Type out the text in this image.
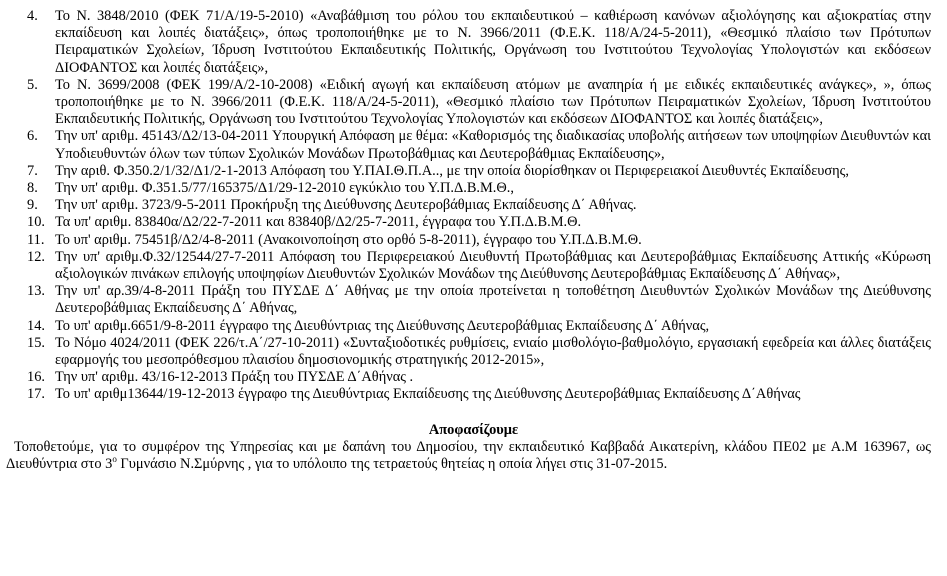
4.	Το Ν. 3848/2010 (ΦΕΚ 71/Α/19-5-2010) «Αναβάθμιση του ρόλου του εκπαιδευτικού – καθιέρωση κανόνων αξιολόγησης και αξιοκρατίας στην εκπαίδευση και λοιπές διατάξεις», όπως τροποποιήθηκε με το Ν. 3966/2011 (Φ.Ε.Κ. 118/Α/24-5-2011), «Θεσμικό πλαίσιο των Πρότυπων Πειραματικών Σχολείων, Ίδρυση Ινστιτούτου Εκπαιδευτικής Πολιτικής, Οργάνωση του Ινστιτούτου Τεχνολογίας Υπολογιστών και εκδόσεων ΔΙΟΦΑΝΤΟΣ και λοιπές διατάξεις»,
5.	Το Ν. 3699/2008 (ΦΕΚ 199/Α/2-10-2008) «Ειδική αγωγή και εκπαίδευση ατόμων με αναπηρία ή με ειδικές εκπαιδευτικές ανάγκες», », όπως τροποποιήθηκε με το Ν. 3966/2011 (Φ.Ε.Κ. 118/Α/24-5-2011), «Θεσμικό πλαίσιο των Πρότυπων Πειραματικών Σχολείων, Ίδρυση Ινστιτούτου Εκπαιδευτικής Πολιτικής, Οργάνωση του Ινστιτούτου Τεχνολογίας Υπολογιστών και εκδόσεων ΔΙΟΦΑΝΤΟΣ και λοιπές διατάξεις»,
6.	Την υπ' αριθμ. 45143/Δ2/13-04-2011 Υπουργική Απόφαση με θέμα: «Καθορισμός της διαδικασίας υποβολής αιτήσεων των υποψηφίων Διευθυντών και Υποδιευθυντών όλων των τύπων Σχολικών Μονάδων Πρωτοβάθμιας και Δευτεροβάθμιας Εκπαίδευσης»,
7.	Την αριθ. Φ.350.2/1/32/Δ1/2-1-2013 Απόφαση του Υ.ΠΑΙ.Θ.Π.Α.., με την οποία διορίσθηκαν οι Περιφερειακοί Διευθυντές Εκπαίδευσης,
8.	Την υπ' αριθμ. Φ.351.5/77/165375/Δ1/29-12-2010 εγκύκλιο του Υ.Π.Δ.Β.Μ.Θ.,
9.	Την υπ' αριθμ. 3723/9-5-2011 Προκήρυξη της Διεύθυνσης Δευτεροβάθμιας Εκπαίδευσης Δ΄ Αθήνας.
10. Τα υπ' αριθμ. 83840α/Δ2/22-7-2011 και 83840β/Δ2/25-7-2011, έγγραφα του Υ.Π.Δ.Β.Μ.Θ.
11. Το υπ' αριθμ. 75451β/Δ2/4-8-2011 (Ανακοινοποίηση στο ορθό 5-8-2011), έγγραφο του Υ.Π.Δ.Β.Μ.Θ.
12. Την υπ' αριθμ.Φ.32/12544/27-7-2011 Απόφαση του Περιφερειακού Διευθυντή Πρωτοβάθμιας και Δευτεροβάθμιας Εκπαίδευσης Αττικής «Κύρωση αξιολογικών πινάκων επιλογής υποψηφίων Διευθυντών Σχολικών Μονάδων της Διεύθυνσης Δευτεροβάθμιας Εκπαίδευσης Δ΄ Αθήνας»,
13. Την υπ' αρ.39/4-8-2011 Πράξη του ΠΥΣΔΕ Δ΄ Αθήνας με την οποία προτείνεται η τοποθέτηση Διευθυντών Σχολικών Μονάδων της Διεύθυνσης Δευτεροβάθμιας Εκπαίδευσης Δ΄ Αθήνας,
14. Το υπ' αριθμ.6651/9-8-2011 έγγραφο της Διευθύντριας της Διεύθυνσης Δευτεροβάθμιας Εκπαίδευσης Δ΄ Αθήνας,
15. Το Νόμο 4024/2011 (ΦΕΚ 226/τ.Α΄/27-10-2011) «Συνταξιοδοτικές ρυθμίσεις, ενιαίο μισθολόγιο-βαθμολόγιο, εργασιακή εφεδρεία και άλλες διατάξεις εφαρμογής του μεσοπρόθεσμου πλαισίου δημοσιονομικής στρατηγικής 2012-2015»,
16. Την υπ' αριθμ. 43/16-12-2013 Πράξη του ΠΥΣΔΕ Δ΄Αθήνας .
17. Το υπ' αριθμ13644/19-12-2013 έγγραφο της Διευθύντριας Εκπαίδευσης της Διεύθυνσης Δευτεροβάθμιας Εκπαίδευσης Δ΄Αθήνας
Αποφασίζουμε
Τοποθετούμε, για το συμφέρον της Υπηρεσίας και με δαπάνη του Δημοσίου, την εκπαιδευτικό Καββαδά Αικατερίνη, κλάδου ΠΕ02 με Α.Μ 163967, ως Διευθύντρια στο $3^o$ Γυμνάσιο Ν.Σμύρνης , για το υπόλοιπο της τετραετούς θητείας η οποία λήγει στις 31-07-2015.
